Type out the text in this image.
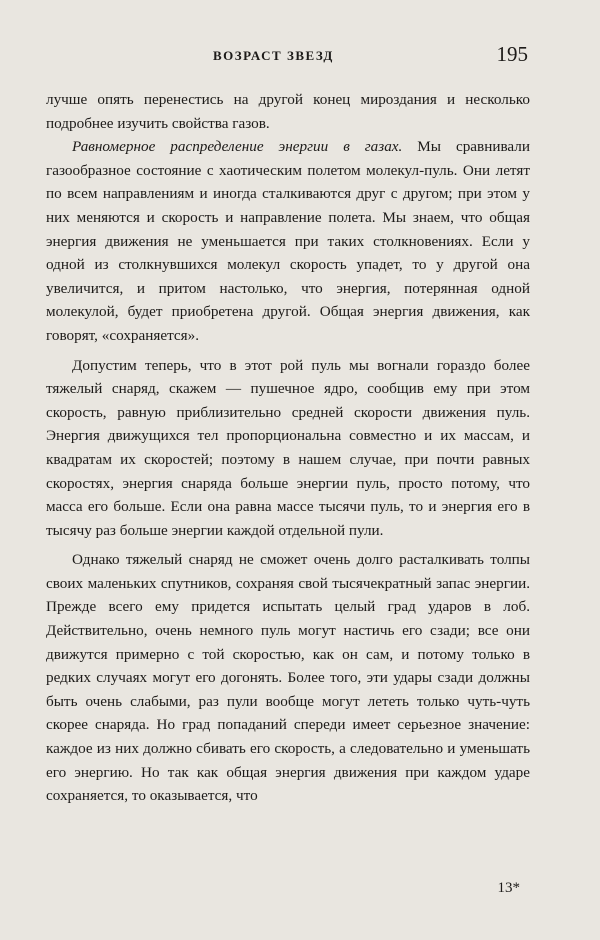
ВОЗРАСТ ЗВЕЗД	195

лучше опять перенестись на другой конец мироздания и несколько подробнее изучить свойства газов.

Равномерное распределение энергии в газах. Мы сравнивали газообразное состояние с хаотическим полетом молекул-пуль. Они летят по всем направлениям и иногда сталкиваются друг с другом; при этом у них меняются и скорость и направление полета. Мы знаем, что общая энергия движения не уменьшается при таких столкновениях. Если у одной из столкнувшихся молекул скорость упадет, то у другой она увеличится, и притом настолько, что энергия, потерянная одной молекулой, будет приобретена другой. Общая энергия движения, как говорят, «сохраняется».

Допустим теперь, что в этот рой пуль мы вогнали гораздо более тяжелый снаряд, скажем — пушечное ядро, сообщив ему при этом скорость, равную приблизительно средней скорости движения пуль. Энергия движущихся тел пропорциональна совместно и их массам, и квадратам их скоростей; поэтому в нашем случае, при почти равных скоростях, энергия снаряда больше энергии пуль, просто потому, что масса его больше. Если она равна массе тысячи пуль, то и энергия его в тысячу раз больше энергии каждой отдельной пули.

Однако тяжелый снаряд не сможет очень долго расталкивать толпы своих маленьких спутников, сохраняя свой тысячекратный запас энергии. Прежде всего ему придется испытать целый град ударов в лоб. Действительно, очень немного пуль могут настичь его сзади; все они движутся примерно с той скоростью, как он сам, и потому только в редких случаях могут его догонять. Более того, эти удары сзади должны быть очень слабыми, раз пули вообще могут лететь только чуть-чуть скорее снаряда. Но град попаданий спереди имеет серьезное значение: каждое из них должно сбивать его скорость, а следовательно и уменьшать его энергию. Но так как общая энергия движения при каждом ударе сохраняется, то оказывается, что

13*
